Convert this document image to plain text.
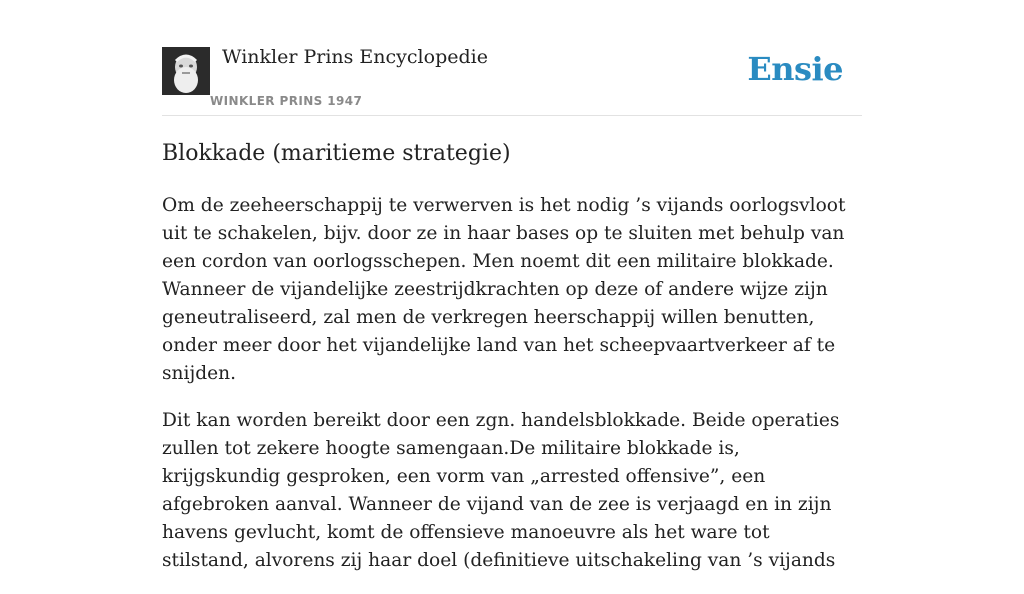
Winkler Prins Encyclopedie
WINKLER PRINS 1947
Ensie
Blokkade (maritieme strategie)

Om de zeeheerschappij te verwerven is het nodig ’s vijands oorlogsvloot uit te schakelen, bijv. door ze in haar bases op te sluiten met behulp van een cordon van oorlogsschepen. Men noemt dit een militaire blokkade. Wanneer de vijandelijke zeestrijdkrachten op deze of andere wijze zijn geneutraliseerd, zal men de verkregen heerschappij willen benutten, onder meer door het vijandelijke land van het scheepvaartverkeer af te snijden.

Dit kan worden bereikt door een zgn. handelsblokkade. Beide operaties zullen tot zekere hoogte samengaan.De militaire blokkade is, krijgskundig gesproken, een vorm van „arrested offensive”, een afgebroken aanval. Wanneer de vijand van de zee is verjaagd en in zijn havens gevlucht, komt de offensieve manoeuvre als het ware tot stilstand, alvorens zij haar doel (definitieve uitschakeling van ’s vijands
